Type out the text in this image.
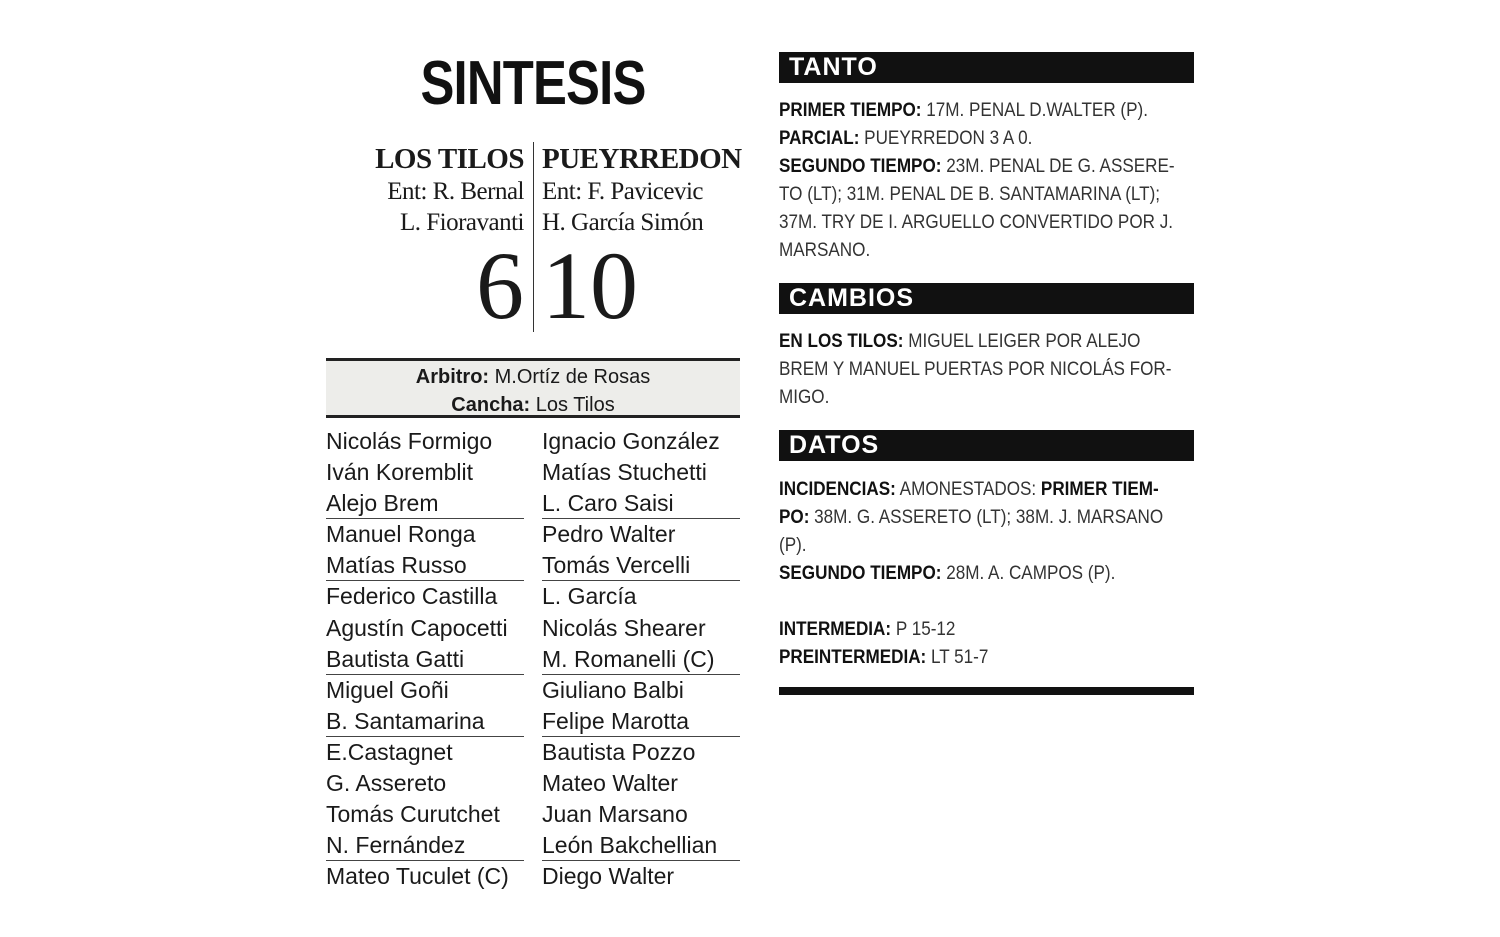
SINTESIS
LOS TILOS
Ent: R. Bernal
L. Fioravanti
6
PUEYRREDON
Ent: F. Pavicevic
H. García Simón
10
Arbitro: M.Ortíz de Rosas
Cancha: Los Tilos
Nicolás Formigo
Iván Koremblit
Alejo Brem
Manuel Ronga
Matías Russo
Federico Castilla
Agustín Capocetti
Bautista Gatti
Miguel Goñi
B. Santamarina
E.Castagnet
G. Assereto
Tomás Curutchet
N. Fernández
Mateo Tuculet (C)
Ignacio González
Matías Stuchetti
L. Caro Saisi
Pedro Walter
Tomás Vercelli
L. García
Nicolás Shearer
M. Romanelli (C)
Giuliano Balbi
Felipe Marotta
Bautista Pozzo
Mateo Walter
Juan Marsano
León Bakchellian
Diego Walter
TANTO
PRIMER TIEMPO: 17M. PENAL D.WALTER (P).
PARCIAL: PUEYRREDON 3 A 0.
SEGUNDO TIEMPO: 23M. PENAL DE G. ASSERE-
TO (LT); 31M. PENAL DE B. SANTAMARINA (LT);
37M. TRY DE I. ARGUELLO CONVERTIDO POR J.
MARSANO.
CAMBIOS
EN LOS TILOS: MIGUEL LEIGER POR ALEJO
BREM Y MANUEL PUERTAS POR NICOLÁS FOR-
MIGO.
DATOS
INCIDENCIAS: AMONESTADOS: PRIMER TIEM-
PO: 38M. G. ASSERETO (LT); 38M. J. MARSANO
(P).
SEGUNDO TIEMPO: 28M. A. CAMPOS (P).
INTERMEDIA: P 15-12
PREINTERMEDIA: LT 51-7
